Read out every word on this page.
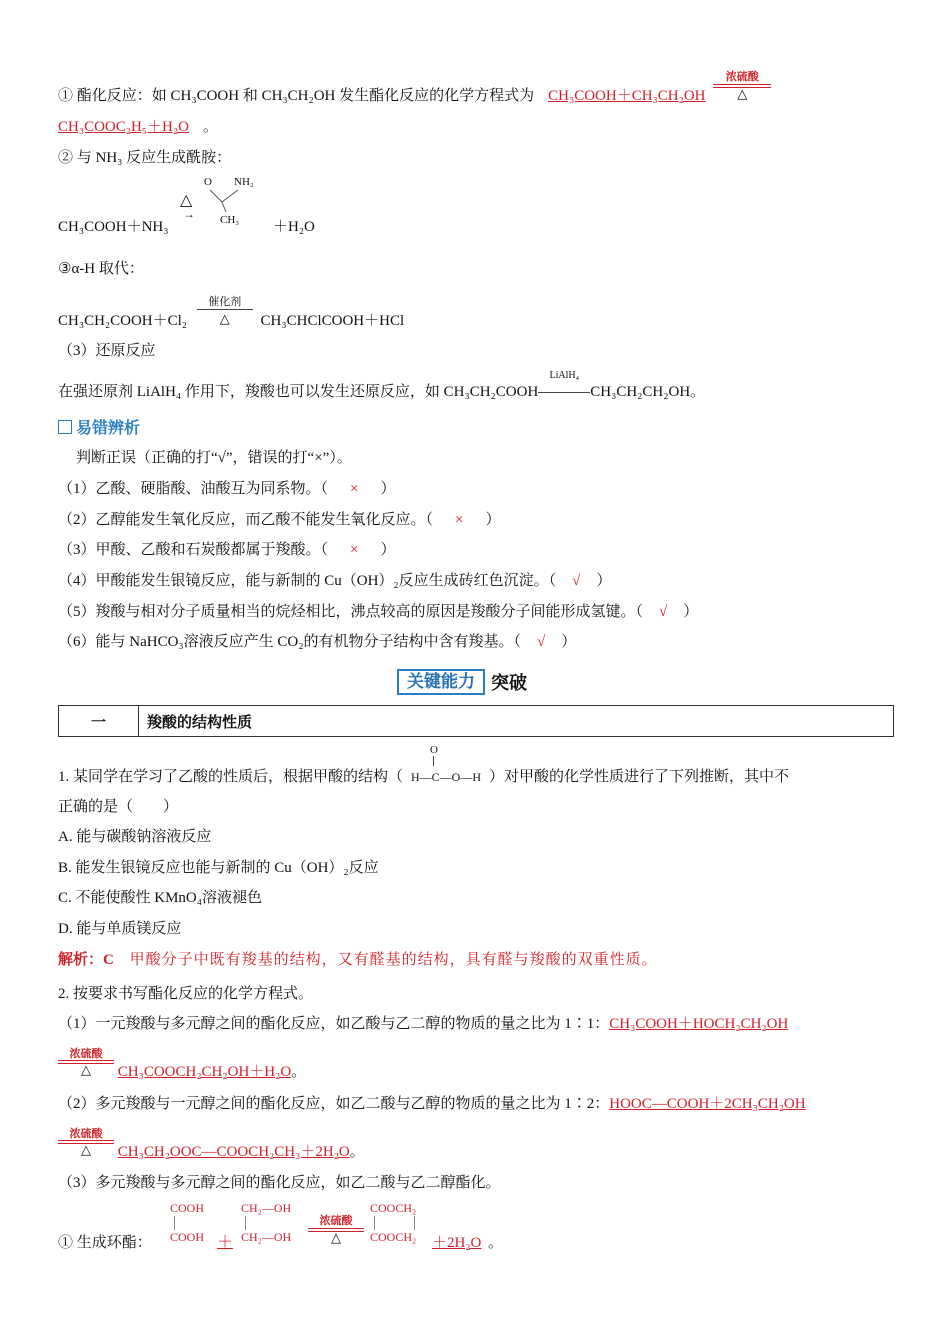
① 酯化反应：如 CH₃COOH 和 CH₃CH₂OH 发生酯化反应的化学方程式为 CH₃COOH＋CH₃CH₂OH
浓硫酸
△
CH₃COOC₂H₅＋H₂O 。
② 与 NH₃ 反应生成酰胺：
O NH₂
CH₃
△
→
CH₃COOH＋NH₃	＋H₂O
③α-H 取代：
CH₃CH₂COOH＋Cl₂
催化剂
△	CH₃CHClCOOH＋HCl
（3）还原反应
在强还原剂 LiAlH₄ 作用下，羧酸也可以发生还原反应，如 CH₃CH₂COOH
LiAlH₄
CH₃CH₂CH₂OH。
易错辨析
判断正误（正确的打“√”，错误的打“×”）。
（1）乙酸、硬脂酸、油酸互为同系物。（ × ）
（2）乙醇能发生氧化反应，而乙酸不能发生氧化反应。（ × ）
（3）甲酸、乙酸和石炭酸都属于羧酸。（ × ）
（4）甲酸能发生银镜反应，能与新制的 Cu（OH）₂反应生成砖红色沉淀。（ √ ）
（5）羧酸与相对分子质量相当的烷烃相比，沸点较高的原因是羧酸分子间能形成氢键。（ √ ）
（6）能与 NaHCO₃溶液反应产生 CO₂的有机物分子结构中含有羧基。（ √ ）
关键能力 突破
一	羧酸的结构性质
1. 某同学在学习了乙酸的性质后，根据甲酸的结构（
O
H—C—O—H ）对甲酸的化学性质进行了下列推断，其中不
正确的是（　　）
A. 能与碳酸钠溶液反应
B. 能发生银镜反应也能与新制的 Cu（OH）₂反应
C. 不能使酸性 KMnO₄溶液褪色
D. 能与单质镁反应
解析：C 甲酸分子中既有羧基的结构，又有醛基的结构，具有醛与羧酸的双重性质。
2. 按要求书写酯化反应的化学方程式。
（1）一元羧酸与多元醇之间的酯化反应，如乙酸与乙二醇的物质的量之比为 1∶1：CH₃COOH＋HOCH₂CH₂OH
浓硫酸
△	CH₃COOCH₂CH₂OH＋H₂O。
（2）多元羧酸与一元醇之间的酯化反应，如乙二酸与乙醇的物质的量之比为 1∶2：HOOC—COOH＋2CH₃CH₂OH
浓硫酸
△	CH₃CH₂OOC—COOCH₂CH₃＋2H₂O。
（3）多元羧酸与多元醇之间的酯化反应，如乙二酸与乙二醇酯化。
① 生成环酯：
COOH
COOH ＋
CH₂—OH
CH₂—OH
浓硫酸
△
COOCH₂
COOCH₂ ＋2H₂O 。
